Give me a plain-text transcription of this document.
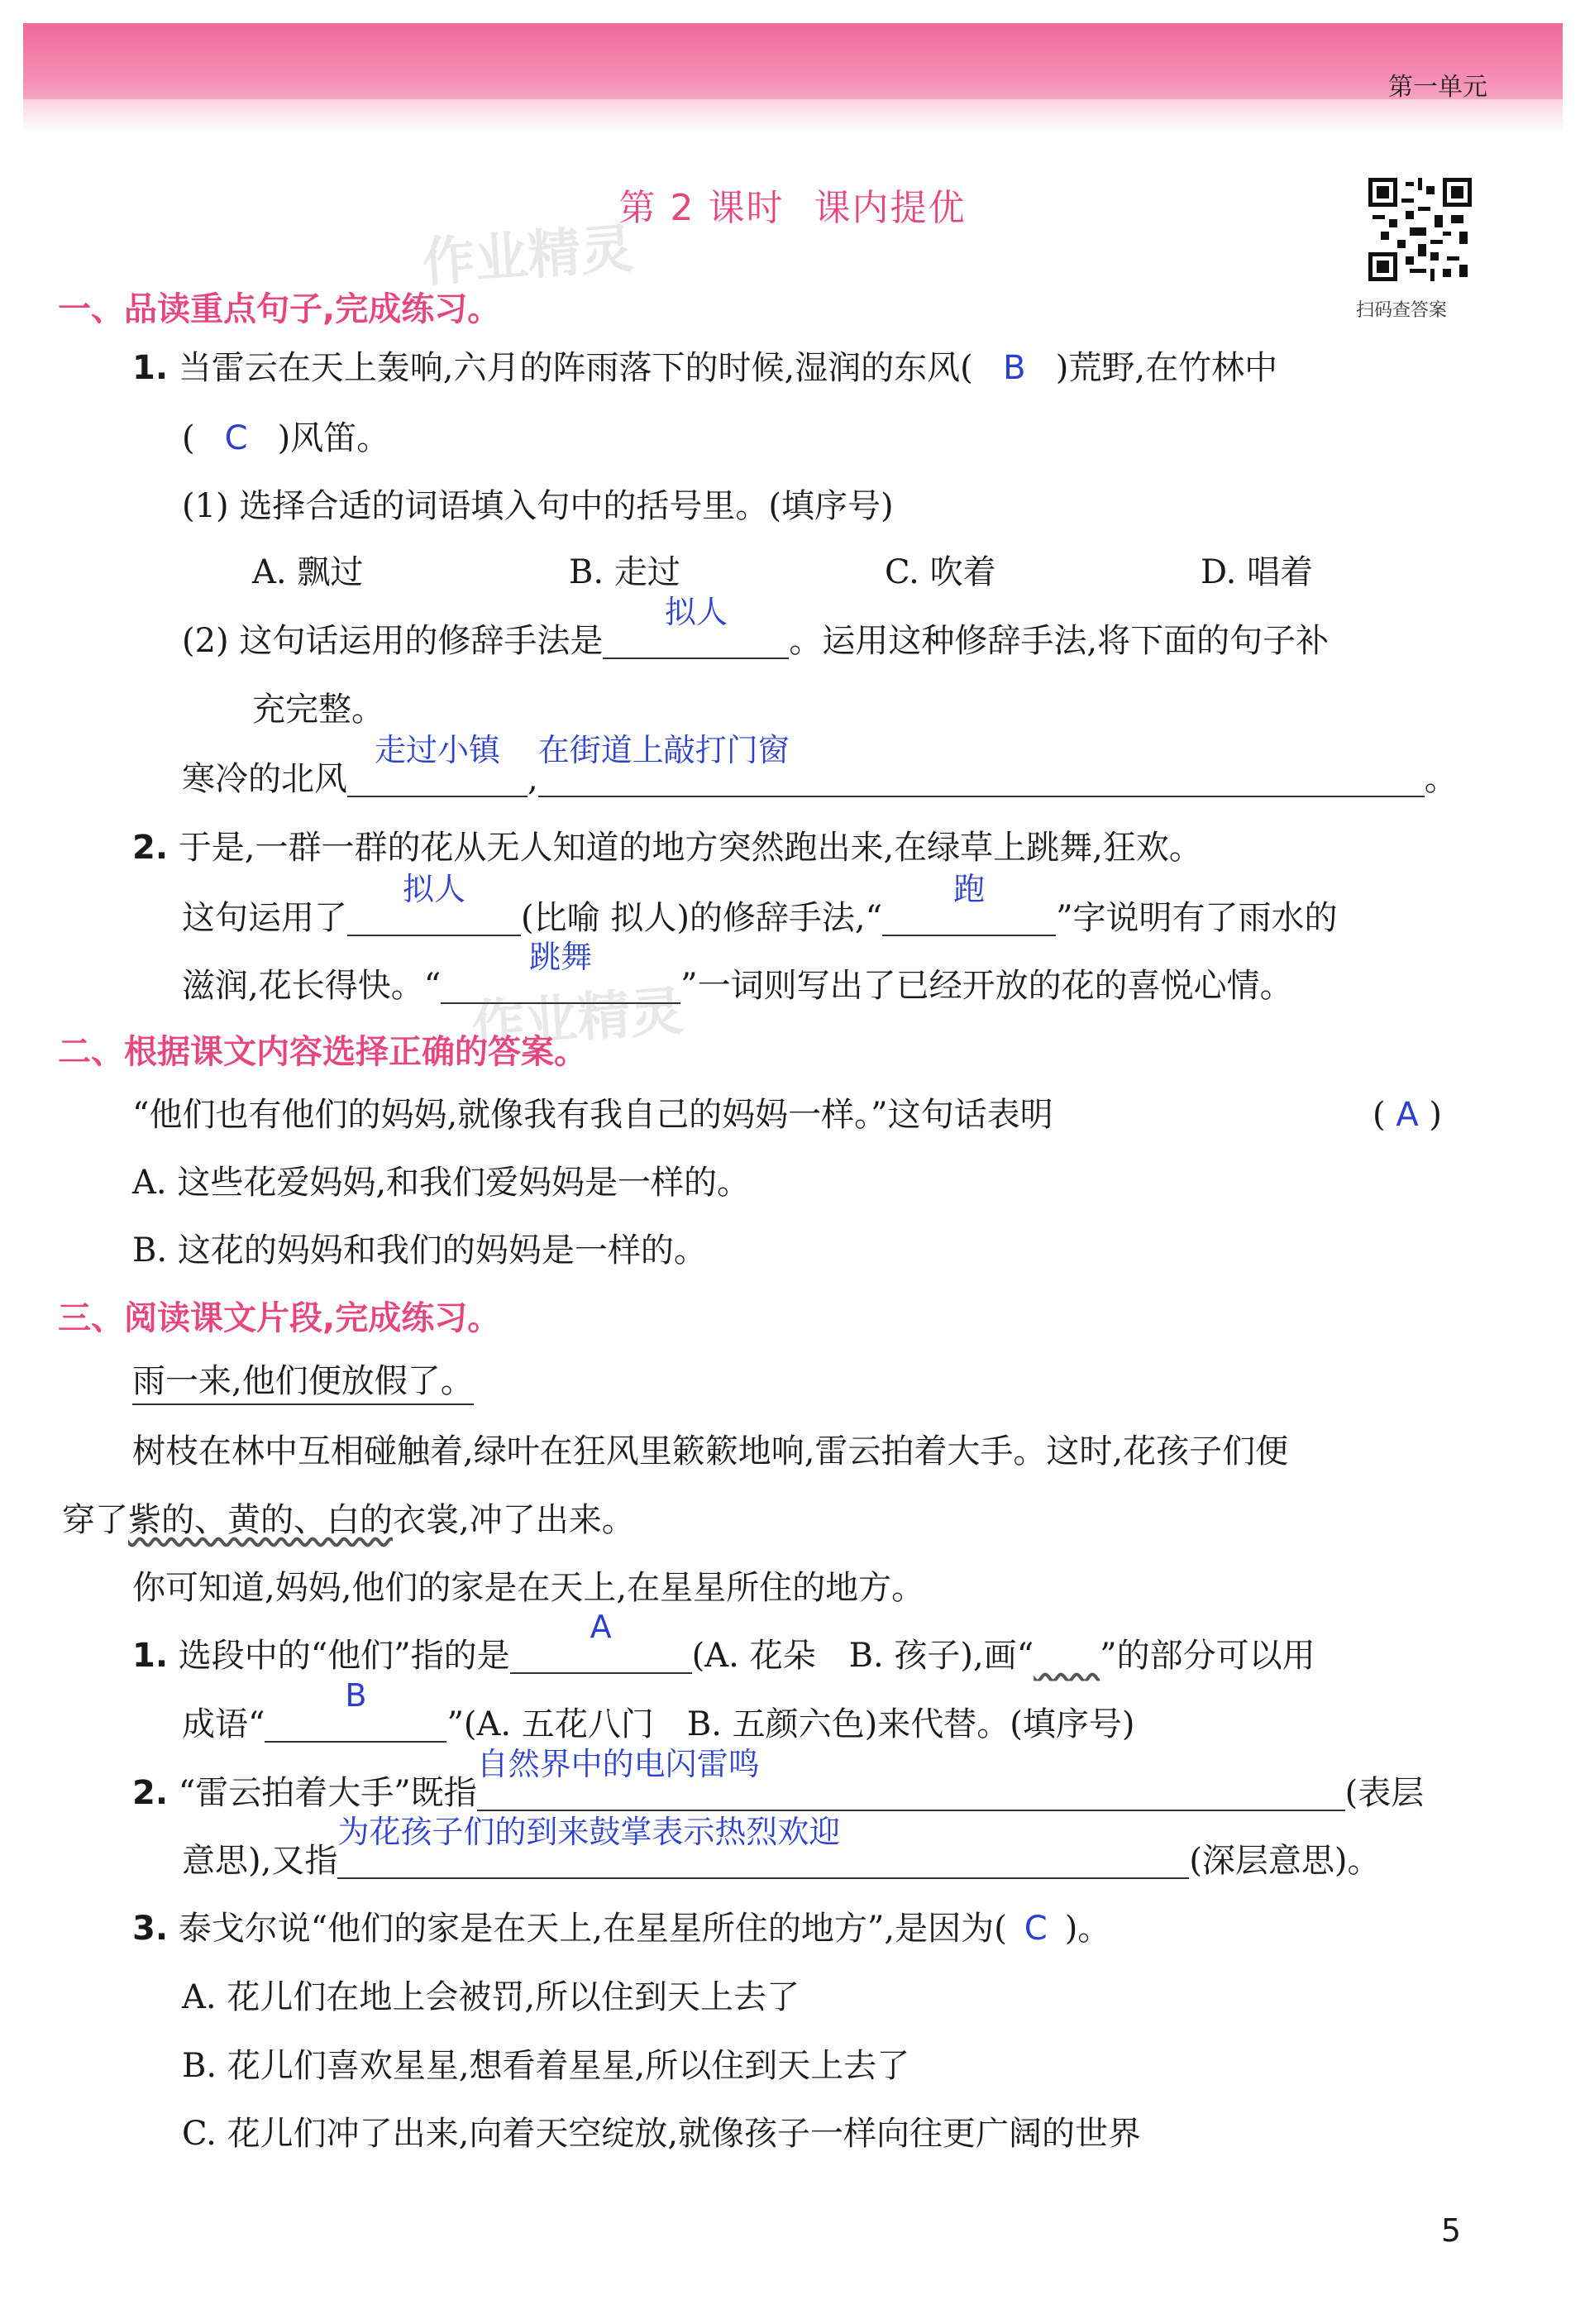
第一单元
第 2 课时 课内提优
作业精灵
作业精灵
扫码查答案
一、品读重点句子,完成练习。
1. 当雷云在天上轰响,六月的阵雨落下的时候,湿润的东风( B )荒野,在竹林中
( C )风笛。
(1) 选择合适的词语填入句中的括号里。(填序号)
A. 飘过	B. 走过	C. 吹着	D. 唱着
(2) 这句话运用的修辞手法是
拟人
。运用这种修辞手法,将下面的句子补
充完整。
寒冷的北风
走过小镇
,
在街道上敲打门窗
。
2. 于是,一群一群的花从无人知道的地方突然跑出来,在绿草上跳舞,狂欢。
这句运用了
拟人
(比喻 拟人)的修辞手法,“
跑
”字说明有了雨水的
滋润,花长得快。“
跳舞
”一词则写出了已经开放的花的喜悦心情。
二、根据课文内容选择正确的答案。
“他们也有他们的妈妈,就像我有我自己的妈妈一样。”这句话表明	( A )
A. 这些花爱妈妈,和我们爱妈妈是一样的。
B. 这花的妈妈和我们的妈妈是一样的。
三、阅读课文片段,完成练习。
雨一来,他们便放假了。
树枝在林中互相碰触着,绿叶在狂风里簌簌地响,雷云拍着大手。这时,花孩子们便
穿了紫的、黄的、白的衣裳,冲了出来。
你可知道,妈妈,他们的家是在天上,在星星所住的地方。
1. 选段中的“他们”指的是
A
(A. 花朵　B. 孩子),画“　　 ”的部分可以用
成语“
B
”(A. 五花八门　B. 五颜六色)来代替。(填序号)
2. “雷云拍着大手”既指
自然界中的电闪雷鸣
(表层
意思),又指
为花孩子们的到来鼓掌表示热烈欢迎
(深层意思)。
3. 泰戈尔说“他们的家是在天上,在星星所住的地方”,是因为( C )。
A. 花儿们在地上会被罚,所以住到天上去了
B. 花儿们喜欢星星,想看着星星,所以住到天上去了
C. 花儿们冲了出来,向着天空绽放,就像孩子一样向往更广阔的世界
5
